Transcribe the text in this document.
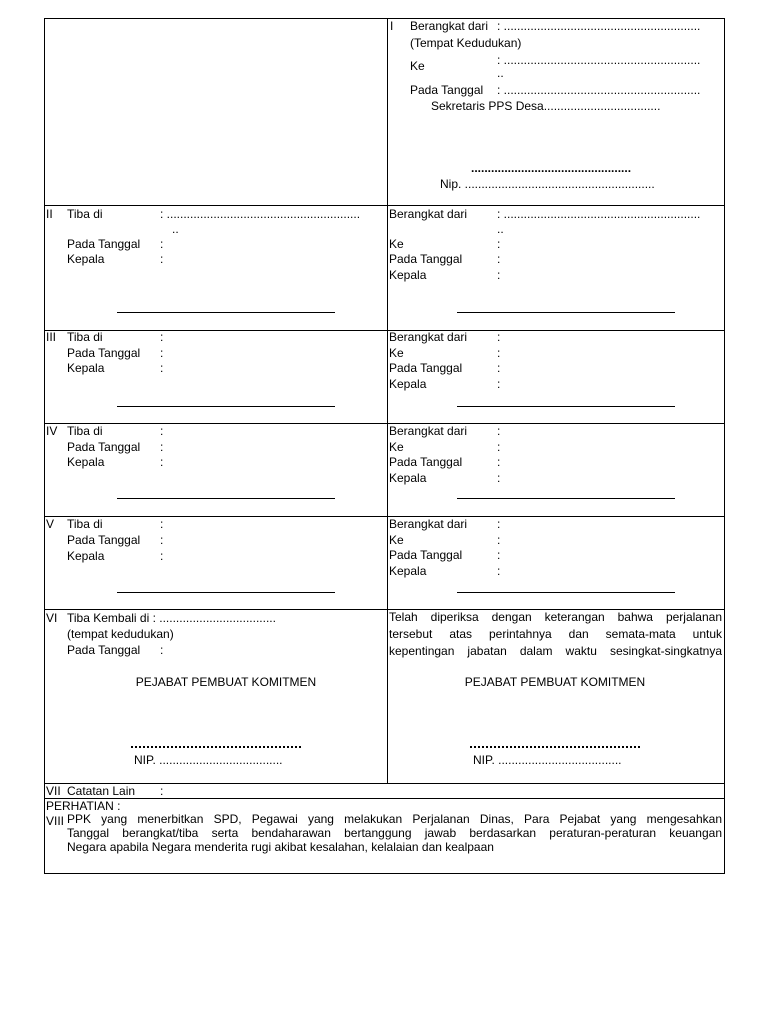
I Berangkat dari : ...........................................................
(Tempat Kedudukan)
Ke	: ...........................................................
..
Pada Tanggal : ...........................................................
Sekretaris PPS Desa...................................
................................................
Nip. .........................................................
II Tiba di	: ..........................................................
..
Pada Tanggal :
Kepala	:
Berangkat dari : ...........................................................
..
Ke	:
Pada Tanggal	:
Kepala	:
III Tiba di	:
Pada Tanggal :
Kepala	:
Berangkat dari :
Ke	:
Pada Tanggal	:
Kepala	:
IV Tiba di	:
Pada Tanggal :
Kepala	:
Berangkat dari :
Ke	:
Pada Tanggal	:
Kepala	:
V Tiba di	:
Pada Tanggal :
Kepala	:
Berangkat dari :
Ke	:
Pada Tanggal	:
Kepala	:
VI Tiba Kembali di : ...................................
(tempat kedudukan)
Pada Tanggal :
PEJABAT PEMBUAT KOMITMEN
NIP. .....................................
Telah diperiksa dengan keterangan bahwa perjalanan
tersebut atas perintahnya dan semata-mata untuk
kepentingan jabatan dalam waktu sesingkat-singkatnya
PEJABAT PEMBUAT KOMITMEN
NIP. .....................................
VII Catatan Lain :
PERHATIAN :
VIII PPK yang menerbitkan SPD, Pegawai yang melakukan Perjalanan Dinas, Para Pejabat yang mengesahkan
Tanggal berangkat/tiba serta bendaharawan bertanggung jawab berdasarkan peraturan-peraturan keuangan
Negara apabila Negara menderita rugi akibat kesalahan, kelalaian dan kealpaan
